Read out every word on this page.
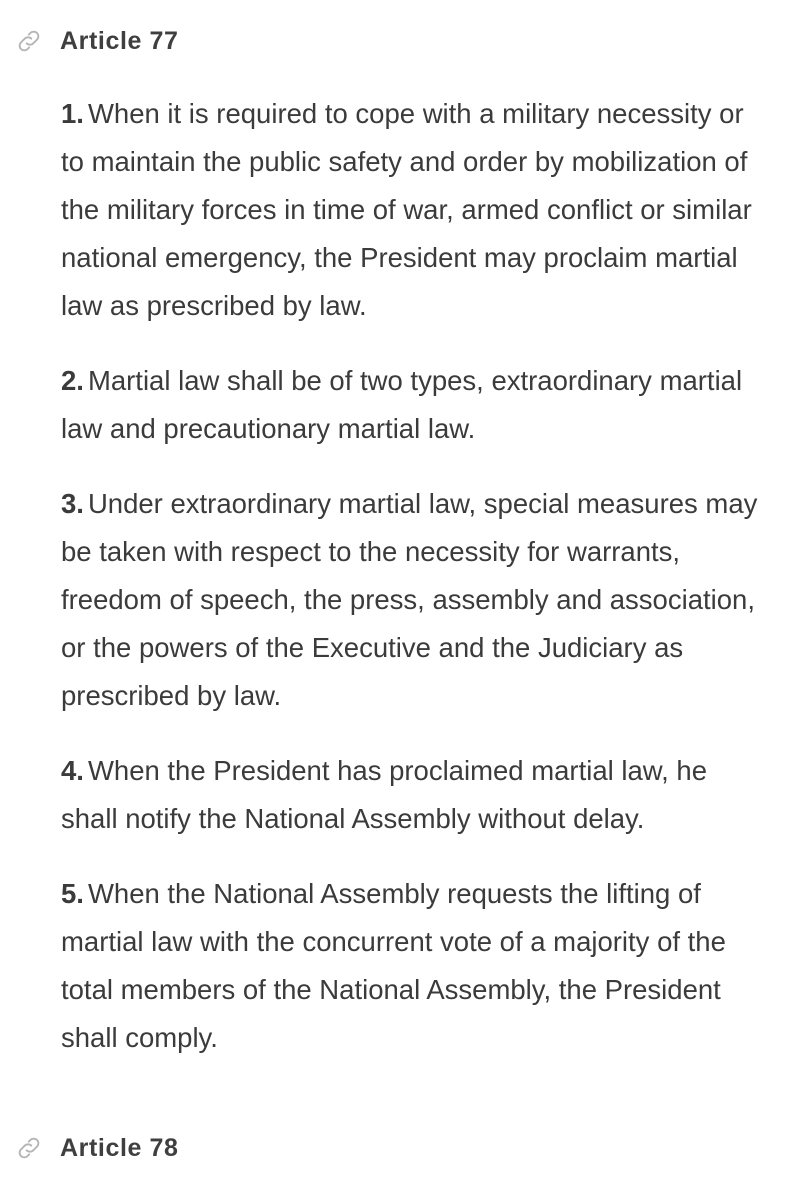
Article 77

1. When it is required to cope with a military necessity or to maintain the public safety and order by mobilization of the military forces in time of war, armed conflict or similar national emergency, the President may proclaim martial law as prescribed by law.

2. Martial law shall be of two types, extraordinary martial law and precautionary martial law.

3. Under extraordinary martial law, special measures may be taken with respect to the necessity for warrants, freedom of speech, the press, assembly and association, or the powers of the Executive and the Judiciary as prescribed by law.

4. When the President has proclaimed martial law, he shall notify the National Assembly without delay.

5. When the National Assembly requests the lifting of martial law with the concurrent vote of a majority of the total members of the National Assembly, the President shall comply.

Article 78
